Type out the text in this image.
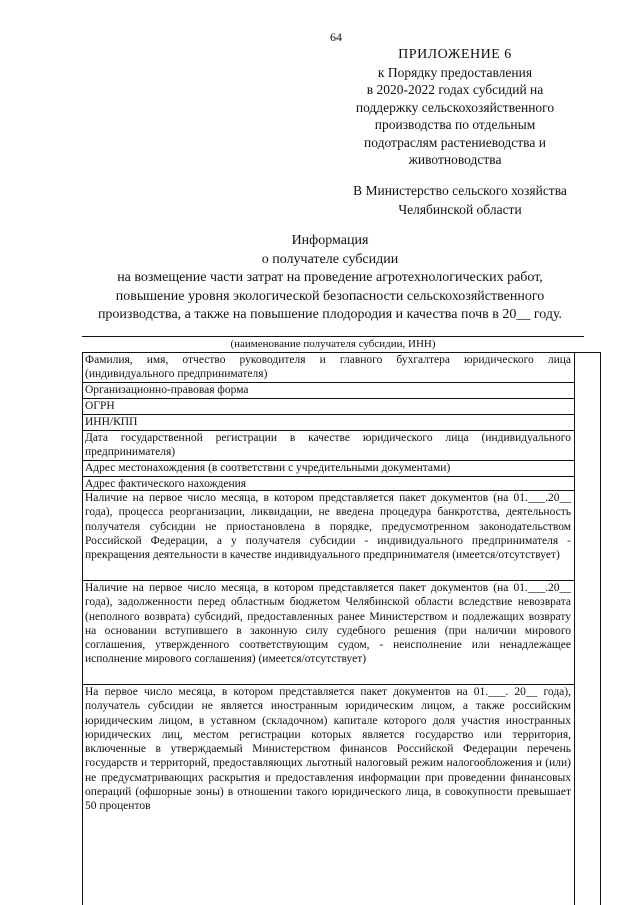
64
ПРИЛОЖЕНИЕ 6
к Порядку предоставления
в 2020-2022 годах субсидий на
поддержку сельскохозяйственного
производства по отдельным
подотраслям растениеводства и
животноводства
В Министерство сельского хозяйства
Челябинской области
Информация
о получателе субсидии
на возмещение части затрат на проведение агротехнологических работ,
повышение уровня экологической безопасности сельскохозяйственного
производства, а также на повышение плодородия и качества почв в 20__ году.
(наименование получателя субсидии, ИНН)
Фамилия, имя, отчество руководителя и главного бухгалтера юридического лица (индивидуального предпринимателя)
Организационно-правовая форма
ОГРН
ИНН/КПП
Дата государственной регистрации в качестве юридического лица (индивидуального предпринимателя)
Адрес местонахождения (в соответствии с учредительными документами)
Адрес фактического нахождения
Наличие на первое число месяца, в котором представляется пакет документов (на 01.___.20__ года), процесса реорганизации, ликвидации, не введена процедура банкротства, деятельность получателя субсидии не приостановлена в порядке, предусмотренном законодательством Российской Федерации, а у получателя субсидии - индивидуального предпринимателя - прекращения деятельности в качестве индивидуального предпринимателя (имеется/отсутствует)
Наличие на первое число месяца, в котором представляется пакет документов (на 01.___.20__ года), задолженности перед областным бюджетом Челябинской области вследствие невозврата (неполного возврата) субсидий, предоставленных ранее Министерством и подлежащих возврату на основании вступившего в законную силу судебного решения (при наличии мирового соглашения, утвержденного соответствующим судом, - неисполнение или ненадлежащее исполнение мирового соглашения) (имеется/отсутствует)
На первое число месяца, в котором представляется пакет документов на 01.___. 20__ года), получатель субсидии не является иностранным юридическим лицом, а также российским юридическим лицом, в уставном (складочном) капитале которого доля участия иностранных юридических лиц, местом регистрации которых является государство или территория, включенные в утверждаемый Министерством финансов Российской Федерации перечень государств и территорий, предоставляющих льготный налоговый режим налогообложения и (или) не предусматривающих раскрытия и предоставления информации при проведении финансовых операций (офшорные зоны) в отношении такого юридического лица, в совокупности превышает 50 процентов
